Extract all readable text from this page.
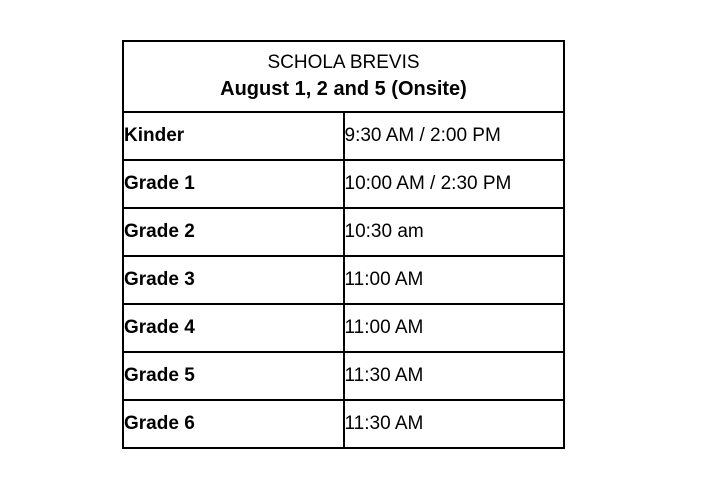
SCHOLA BREVIS
August 1, 2 and 5 (Onsite)	

Kinder	9:30 AM / 2:00 PM
Grade 1	10:00 AM / 2:30 PM
Grade 2	10:30 am
Grade 3	11:00 AM
Grade 4	11:00 AM
Grade 5	11:30 AM
Grade 6	11:30 AM
